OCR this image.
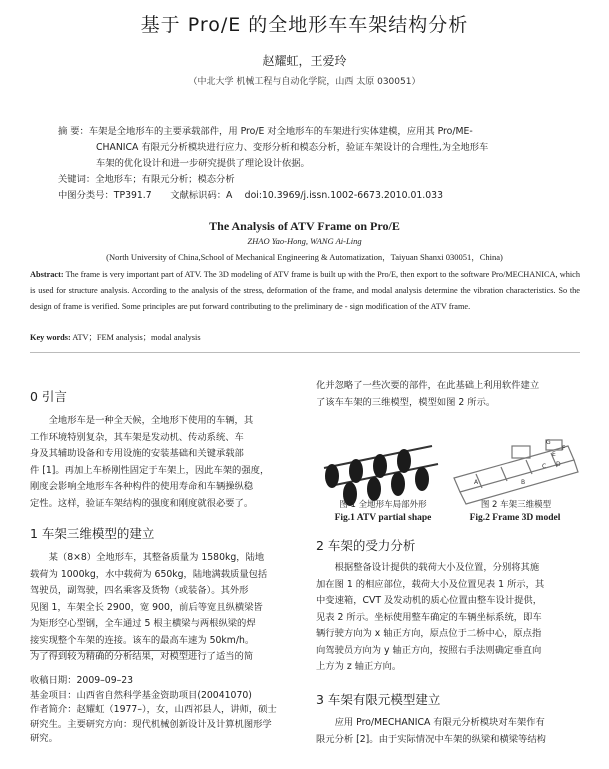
基于 Pro/E 的全地形车车架结构分析
赵耀虹，王爱玲
（中北大学 机械工程与自动化学院，山西 太原 030051）
摘 要：车架是全地形车的主要承载部件，用 Pro/E 对全地形车的车架进行实体建模，应用其 Pro/ME-
CHANICA 有限元分析模块进行应力、变形分析和模态分析，验证车架设计的合理性,为全地形车
车架的优化设计和进一步研究提供了理论设计依据。
关键词：全地形车；有限元分析；模态分析
中图分类号：TP391.7　　文献标识码：A　 doi:10.3969/j.issn.1002-6673.2010.01.033
The Analysis of ATV Frame on Pro/E
ZHAO Yao-Hong, WANG Ai-Ling
(North University of China,School of Mechanical Engineering & Automatization，Taiyuan Shanxi 030051，China)
Abstract: The frame is very important part of ATV. The 3D modeling of ATV frame is built up with the Pro/E, then export to the software Pro/MECHANICA, which is used for structure analysis. According to the analysis of the stress, deformation of the frame, and modal analysis determine the vibration characteristics. So the design of frame is verified. Some principles are put forward contributing to the preliminary de - sign modification of the ATV frame.
Key words: ATV；FEM analysis；modal analysis
0 引言
　　全地形车是一种全天候，全地形下使用的车辆，其
工作环境特别复杂，其车架是发动机、传动系统、车
身及其辅助设备和专用设施的安装基础和关键承载部
件 [1]。再加上车桥刚性固定于车架上，因此车架的强度，
刚度会影响全地形车各种构件的使用寿命和车辆操纵稳
定性。这样，验证车架结构的强度和刚度就很必要了。
1 车架三维模型的建立
　　某（8×8）全地形车，其整备质量为 1580kg，陆地
载荷为 1000kg，水中载荷为 650kg，陆地满载质量包括
驾驶员，副驾驶，四名乘客及货物（或装备）。其外形
见图 1，车架全长 2900，宽 900，前后等宽且纵横梁皆
为矩形空心型钢，全车通过 5 根主横梁与两根纵梁的焊
接实现整个车架的连接。该车的最高车速为 50km/h。
为了得到较为精确的分析结果，对模型进行了适当的简
收稿日期：2009–09–23
基金项目：山西省自然科学基金资助项目(20041070)
作者简介：赵耀虹（1977–），女，山西祁县人，讲师，硕士
研究生。主要研究方向：现代机械创新设计及计算机图形学
研究。
化并忽略了一些次要的部件，在此基础上利用软件建立
了该车车架的三维模型，模型如图 2 所示。
A	B
C D
E
F
G
图 1 全地形车局部外形
Fig.1 ATV partial shape
图 2 车架三维模型
Fig.2 Frame 3D model
2 车架的受力分析
　　根据整备设计提供的载荷大小及位置，分别将其施
加在图 1 的相应部位，载荷大小及位置见表 1 所示，其
中变速箱，CVT 及发动机的质心位置由整车设计提供，
见表 2 所示。坐标使用整车确定的车辆坐标系统，即车
辆行驶方向为 x 轴正方向，原点位于二桥中心，原点指
向驾驶员方向为 y 轴正方向，按照右手法则确定垂直向
上方为 z 轴正方向。
3 车架有限元模型建立
　　应用 Pro/MECHANICA 有限元分析模块对车架作有
限元分析 [2]。由于实际情况中车架的纵梁和横梁等结构
